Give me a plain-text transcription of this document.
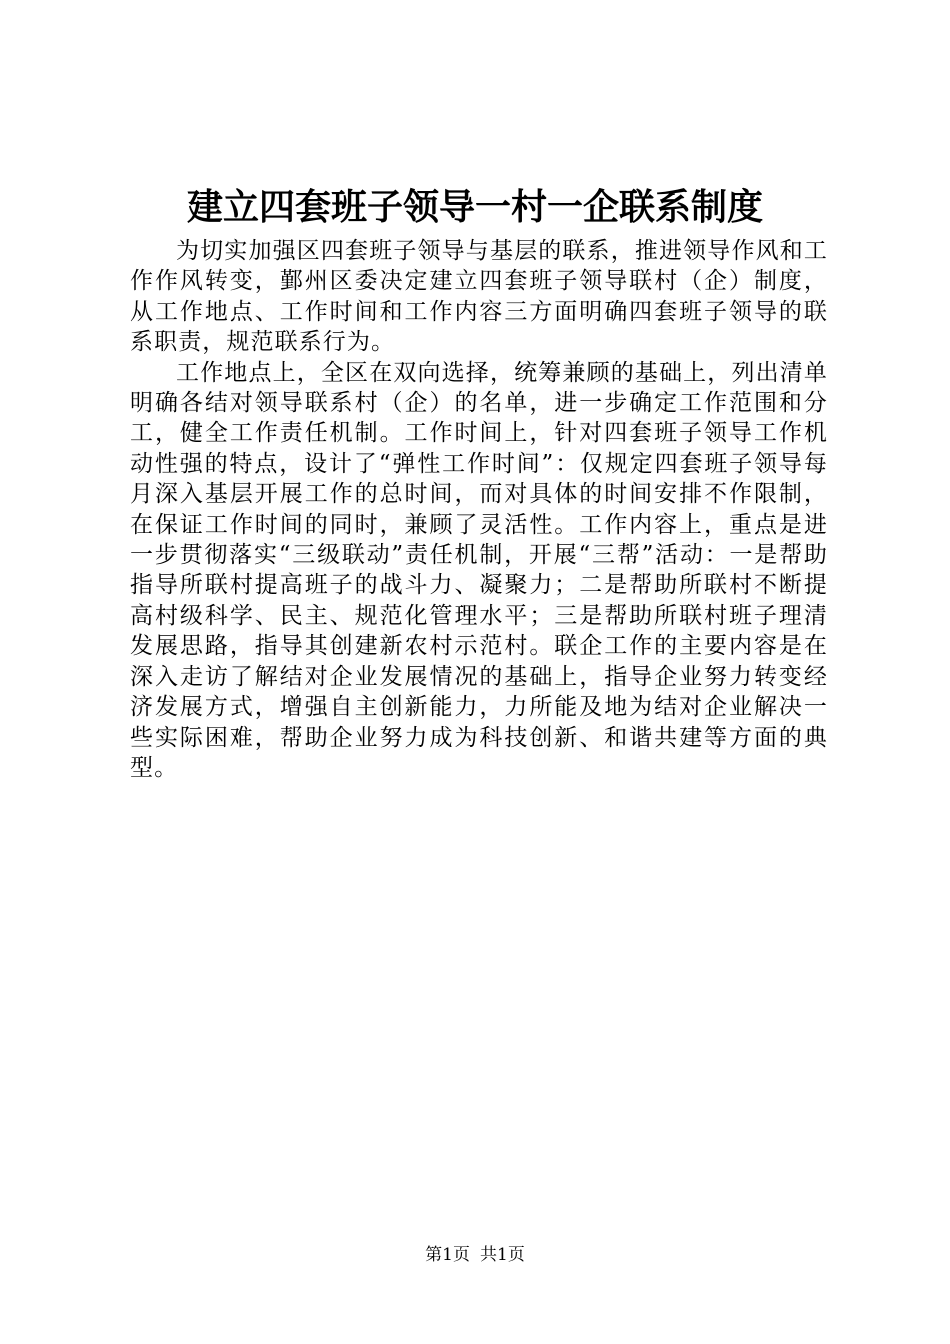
建立四套班子领导一村一企联系制度

为切实加强区四套班子领导与基层的联系，推进领导作风和工作作风转变，鄞州区委决定建立四套班子领导联村（企）制度，从工作地点、工作时间和工作内容三方面明确四套班子领导的联系职责，规范联系行为。

工作地点上，全区在双向选择，统筹兼顾的基础上，列出清单明确各结对领导联系村（企）的名单，进一步确定工作范围和分工，健全工作责任机制。工作时间上，针对四套班子领导工作机动性强的特点，设计了“弹性工作时间”：仅规定四套班子领导每月深入基层开展工作的总时间，而对具体的时间安排不作限制，在保证工作时间的同时，兼顾了灵活性。工作内容上，重点是进一步贯彻落实“三级联动”责任机制，开展“三帮”活动：一是帮助指导所联村提高班子的战斗力、凝聚力；二是帮助所联村不断提高村级科学、民主、规范化管理水平；三是帮助所联村班子理清发展思路，指导其创建新农村示范村。联企工作的主要内容是在深入走访了解结对企业发展情况的基础上，指导企业努力转变经济发展方式，增强自主创新能力，力所能及地为结对企业解决一些实际困难，帮助企业努力成为科技创新、和谐共建等方面的典型。

第1页 共1页
